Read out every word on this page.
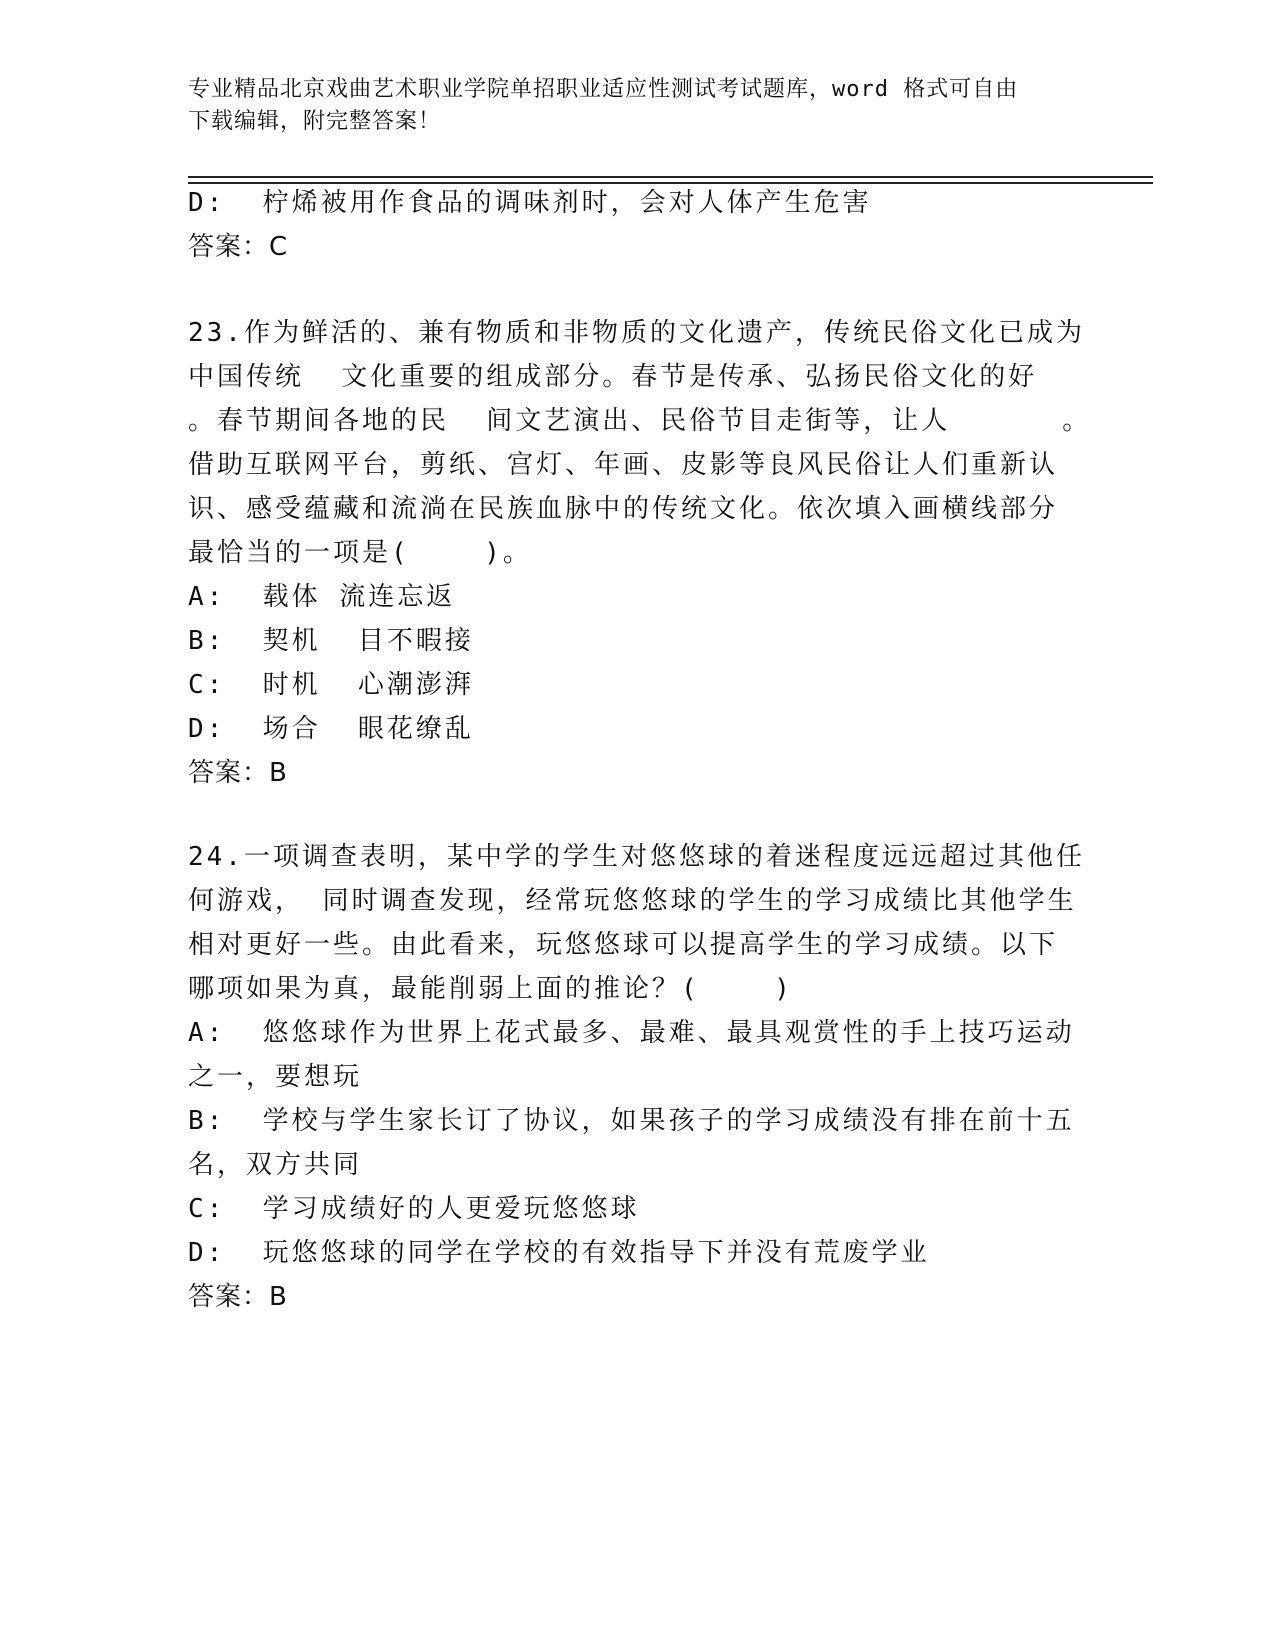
专业精品北京戏曲艺术职业学院单招职业适应性测试考试题库，word 格式可自由
下载编辑，附完整答案！
D:  柠烯被用作食品的调味剂时，会对人体产生危害
答案：C
23.作为鲜活的、兼有物质和非物质的文化遗产，传统民俗文化已成为
中国传统  文化重要的组成部分。春节是传承、弘扬民俗文化的好
。春节期间各地的民  间文艺演出、民俗节目走街等，让人      。
借助互联网平台，剪纸、宫灯、年画、皮影等良风民俗让人们重新认
识、感受蕴藏和流淌在民族血脉中的传统文化。依次填入画横线部分
最恰当的一项是(    )。
A:  载体 流连忘返
B:  契机  目不暇接
C:  时机  心潮澎湃
D:  场合  眼花缭乱
答案：B
24.一项调查表明，某中学的学生对悠悠球的着迷程度远远超过其他任
何游戏， 同时调查发现，经常玩悠悠球的学生的学习成绩比其他学生
相对更好一些。由此看来，玩悠悠球可以提高学生的学习成绩。以下
哪项如果为真，最能削弱上面的推论？(    )
A:  悠悠球作为世界上花式最多、最难、最具观赏性的手上技巧运动
之一，要想玩
B:  学校与学生家长订了协议，如果孩子的学习成绩没有排在前十五
名，双方共同
C:  学习成绩好的人更爱玩悠悠球
D:  玩悠悠球的同学在学校的有效指导下并没有荒废学业
答案：B
